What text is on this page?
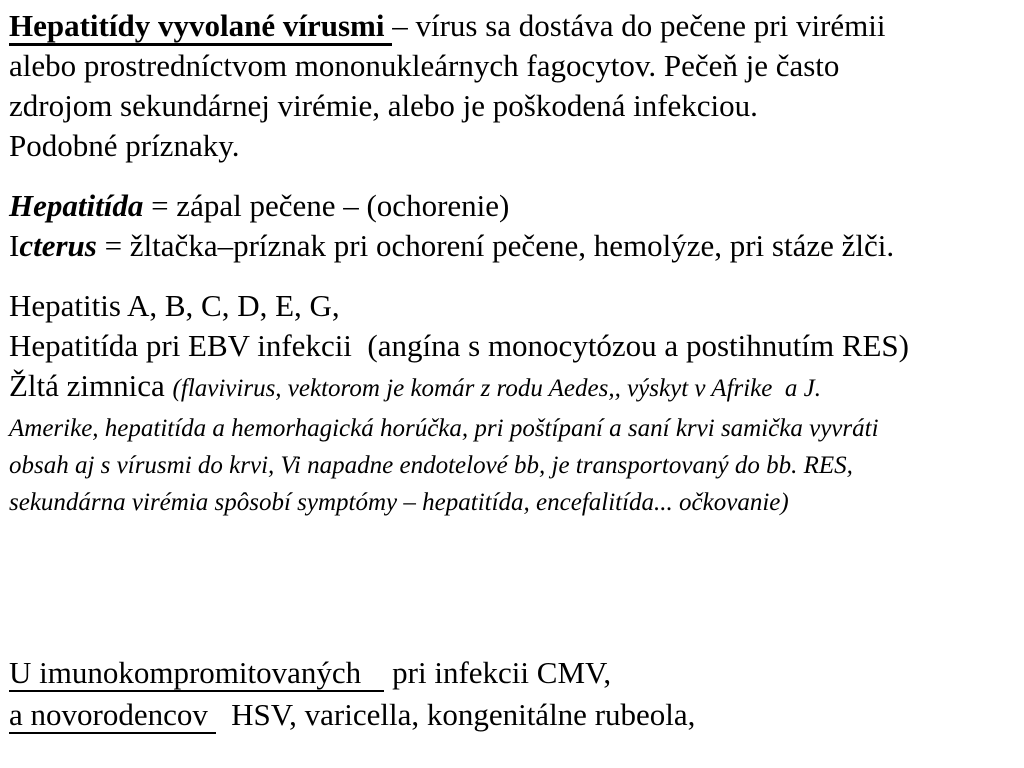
Hepatitídy vyvolané vírusmi – vírus sa dostáva do pečene pri virémii
alebo prostredníctvom mononukleárnych fagocytov. Pečeň je často
zdrojom sekundárnej virémie, alebo je poškodená infekciou.
Podobné príznaky.
Hepatitída = zápal pečene – (ochorenie)
Icterus = žltačka–príznak pri ochorení pečene, hemolýze, pri stáze žlči.
Hepatitis A, B, C, D, E, G,
Hepatitída pri EBV infekcii  (angína s monocytózou a postihnutím RES)
Žltá zimnica (flavivirus, vektorom je komár z rodu Aedes,, výskyt v Afrike  a J.
Amerike, hepatitída a hemorhagická horúčka, pri poštípaní a saní krvi samička vyvráti
obsah aj s vírusmi do krvi, Vi napadne endotelové bb, je transportovaný do bb. RES,
sekundárna virémia spôsobí symptómy – hepatitída, encefalitída... očkovanie)
U imunokompromitovaných    pri infekcii CMV,
a novorodencov   HSV, varicella, kongenitálne rubeola,
